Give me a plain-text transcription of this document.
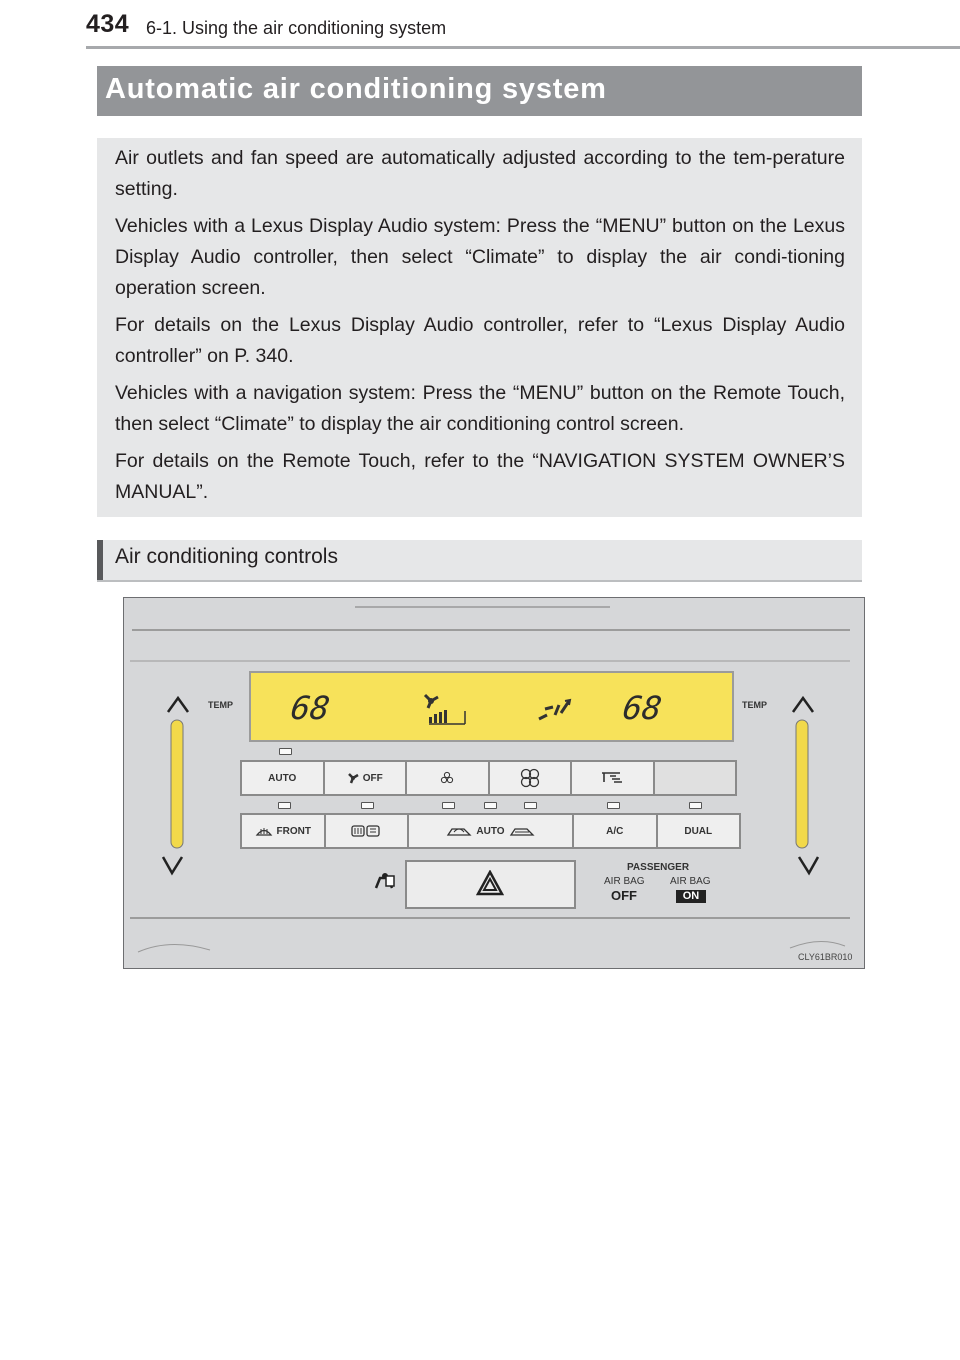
434 6-1. Using the air conditioning system
Automatic air conditioning system
Air outlets and fan speed are automatically adjusted according to the tem-perature setting.
Vehicles with a Lexus Display Audio system: Press the “MENU” button on the Lexus Display Audio controller, then select “Climate” to display the air condi-tioning operation screen.
For details on the Lexus Display Audio controller, refer to “Lexus Display Audio controller” on P. 340.
Vehicles with a navigation system: Press the “MENU” button on the Remote Touch, then select “Climate” to display the air conditioning control screen.
For details on the Remote Touch, refer to the “NAVIGATION SYSTEM OWNER’S MANUAL”.
Air conditioning controls
TEMP	TEMP
68	68
AUTO	OFF
FRONT	AUTO	A/C	DUAL
PASSENGER
AIR BAG	AIR BAG
OFF	ON
CLY61BR010
